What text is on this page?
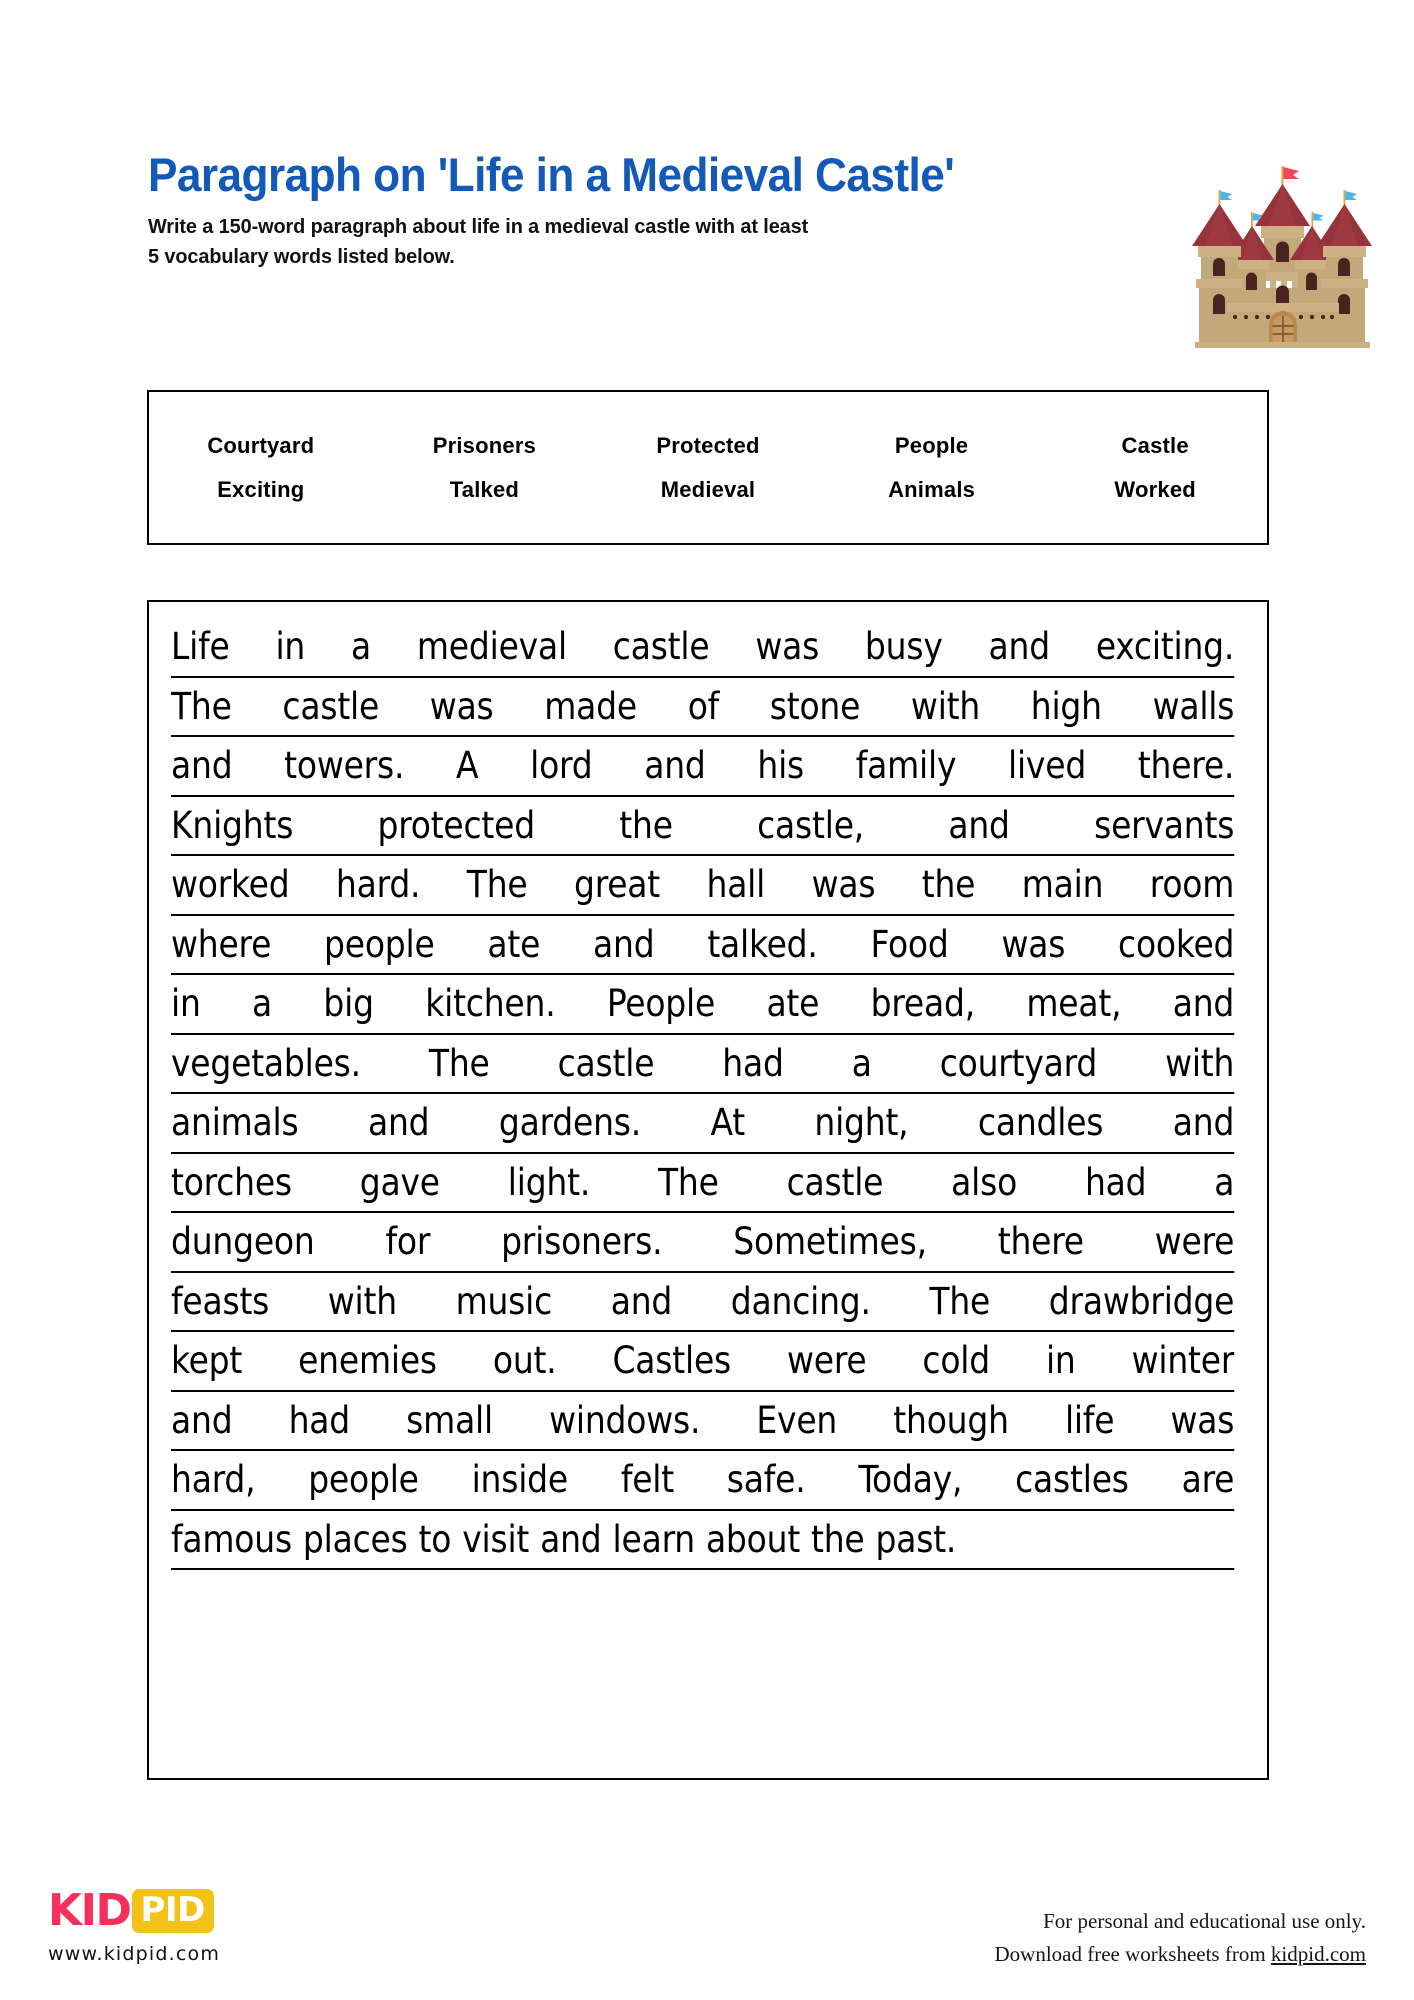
Paragraph on 'Life in a Medieval Castle'
Write a 150-word paragraph about life in a medieval castle with at least
5 vocabulary words listed below.
Courtyard	Prisoners	Protected	People	Castle
Exciting	Talked	Medieval	Animals	Worked
Life in a medieval castle was busy and exciting.
The castle was made of stone with high walls
and towers. A lord and his family lived there.
Knights protected the castle, and servants
worked hard. The great hall was the main room
where people ate and talked. Food was cooked
in a big kitchen. People ate bread, meat, and
vegetables. The castle had a courtyard with
animals and gardens. At night, candles and
torches gave light. The castle also had a
dungeon for prisoners. Sometimes, there were
feasts with music and dancing. The drawbridge
kept enemies out. Castles were cold in winter
and had small windows. Even though life was
hard, people inside felt safe. Today, castles are
famous places to visit and learn about the past.
KID PID
www.kidpid.com
For personal and educational use only.
Download free worksheets from kidpid.com
